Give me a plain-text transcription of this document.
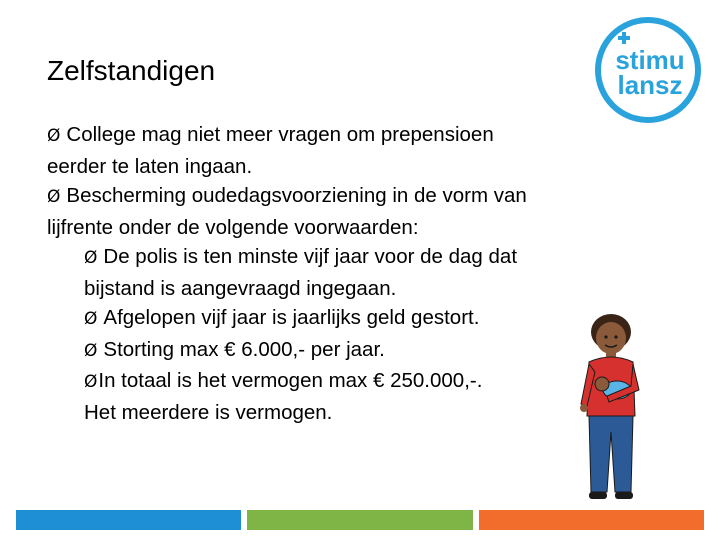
Zelfstandigen	stimu
lansz
Ø College mag niet meer vragen om prepensioen
eerder te laten ingaan.
Ø Bescherming oudedagsvoorziening in de vorm van
lijfrente onder de volgende voorwaarden:
Ø De polis is ten minste vijf jaar voor de dag dat
bijstand is aangevraagd ingegaan.
Ø Afgelopen vijf jaar is jaarlijks geld gestort.
Ø Storting max € 6.000,- per jaar.
ØIn totaal is het vermogen max € 250.000,-.
Het meerdere is vermogen.
